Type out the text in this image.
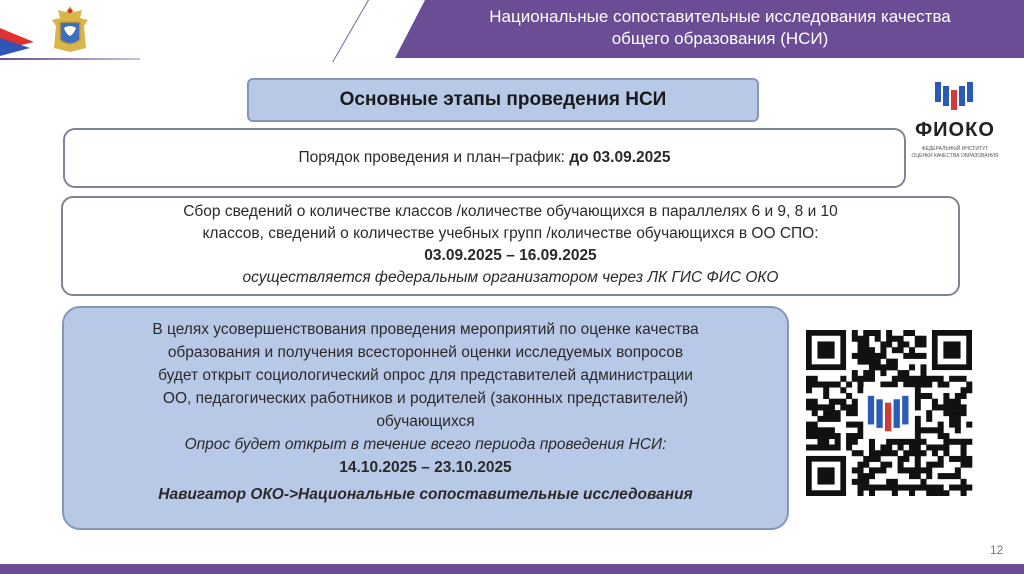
Национальные сопоставительные исследования качества
общего образования (НСИ)
Основные этапы проведения НСИ
ФИОКО
ФЕДЕРАЛЬНЫЙ ИНСТИТУТ
ОЦЕНКИ КАЧЕСТВА ОБРАЗОВАНИЯ
Порядок проведения и план–график:
до 03.09.2025
Сбор сведений о количестве классов /количестве обучающихся в параллелях 6 и 9, 8 и 10
классов, сведений о количестве учебных групп /количестве обучающихся в ОО СПО:
03.09.2025 – 16.09.2025
осуществляется федеральным организатором через ЛК ГИС ФИС ОКО
В целях усовершенствования проведения мероприятий по оценке качества
образования и получения всесторонней оценки исследуемых вопросов
будет открыт социологический опрос для представителей администрации
ОО, педагогических работников и родителей (законных представителей)
обучающихся
Опрос будет открыт в течение всего периода проведения НСИ:
14.10.2025 – 23.10.2025
Навигатор ОКО->Национальные сопоставительные исследования
12
